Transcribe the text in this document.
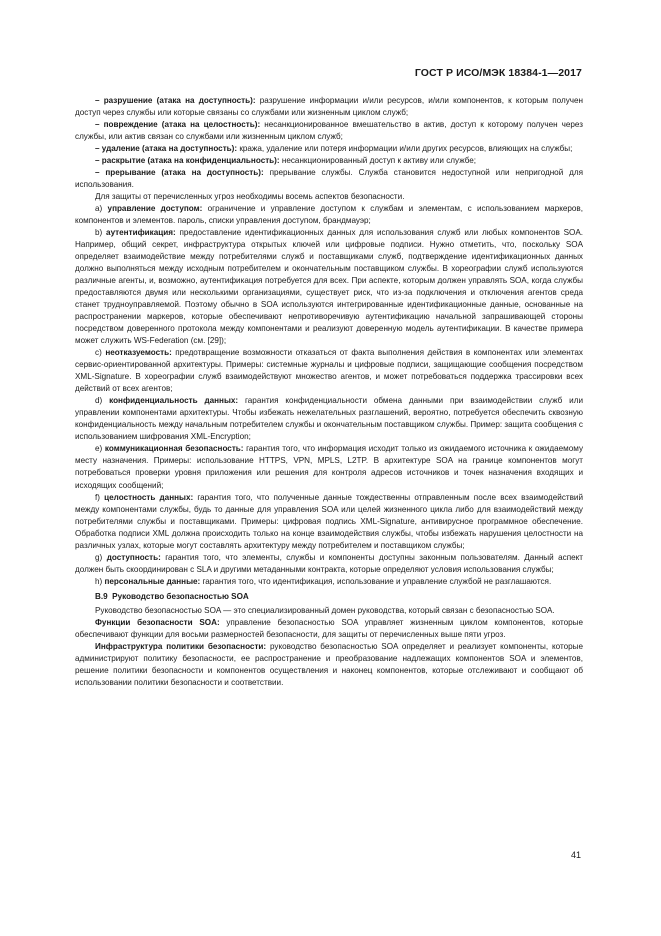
ГОСТ Р ИСО/МЭК 18384-1—2017

– разрушение (атака на доступность): разрушение информации и/или ресурсов, и/или компонентов, к которым получен доступ через службы или которые связаны со службами или жизненным циклом служб;

– повреждение (атака на целостность): несанкционированное вмешательство в актив, доступ к которому получен через службы, или актив связан со службами или жизненным циклом служб;

– удаление (атака на доступность): кража, удаление или потеря информации и/или других ресурсов, влияющих на службы;

– раскрытие (атака на конфиденциальность): несанкционированный доступ к активу или службе;

– прерывание (атака на доступность): прерывание службы. Служба становится недоступной или непригодной для использования.

Для защиты от перечисленных угроз необходимы восемь аспектов безопасности.

а) управление доступом: ограничение и управление доступом к службам и элементам, с использованием маркеров, компонентов и элементов. пароль, списки управления доступом, брандмауэр;

b) аутентификация: предоставление идентификационных данных для использования служб или любых компонентов SOA. Например, общий секрет, инфраструктура открытых ключей или цифровые подписи. Нужно отметить, что, поскольку SOA определяет взаимодействие между потребителями служб и поставщиками служб, подтверждение идентификационных данных должно выполняться между исходным потребителем и окончательным поставщиком службы. В хореографии служб используются различные агенты, и, возможно, аутентификация потребуется для всех. При аспекте, которым должен управлять SOA, когда службы предоставляются двумя или несколькими организациями, существует риск, что из-за подключения и отключения агентов среда станет трудноуправляемой. Поэтому обычно в SOA используются интегрированные идентификационные данные, основанные на распространении маркеров, которые обеспечивают непротиворечивую аутентификацию начальной запрашивающей стороны посредством доверенного протокола между компонентами и реализуют доверенную модель аутентификации. В качестве примера может служить WS-Federation (см. [29]);

c) неотказуемость: предотвращение возможности отказаться от факта выполнения действия в компонентах или элементах сервис-ориентированной архитектуры. Примеры: системные журналы и цифровые подписи, защищающие сообщения посредством XML-Signature. В хореографии служб взаимодействуют множество агентов, и может потребоваться поддержка трассировки всех действий от всех агентов;

d) конфиденциальность данных: гарантия конфиденциальности обмена данными при взаимодействии служб или управлении компонентами архитектуры. Чтобы избежать нежелательных разглашений, вероятно, потребуется обеспечить сквозную конфиденциальность между начальным потребителем службы и окончательным поставщиком службы. Пример: защита сообщения с использованием шифрования XML-Encryption;

e) коммуникационная безопасность: гарантия того, что информация исходит только из ожидаемого источника к ожидаемому месту назначения. Примеры: использование HTTPS, VPN, MPLS, L2TP. В архитектуре SOA на границе компонентов могут потребоваться проверки уровня приложения или решения для контроля адресов источников и точек назначения входящих и исходящих сообщений;

f) целостность данных: гарантия того, что полученные данные тождественны отправленным после всех взаимодействий между компонентами службы, будь то данные для управления SOA или целей жизненного цикла либо для взаимодействий между потребителями службы и поставщиками. Примеры: цифровая подпись XML-Signature, антивирусное программное обеспечение. Обработка подписи XML должна происходить только на конце взаимодействия службы, чтобы избежать нарушения целостности на различных узлах, которые могут составлять архитектуру между потребителем и поставщиком службы;

g) доступность: гарантия того, что элементы, службы и компоненты доступны законным пользователям. Данный аспект должен быть скоординирован с SLA и другими метаданными контракта, которые определяют условия использования службы;

h) персональные данные: гарантия того, что идентификация, использование и управление службой не разглашаются.

В.9 Руководство безопасностью SOA

Руководство безопасностью SOA — это специализированный домен руководства, который связан с безопасностью SOA.

Функции безопасности SOA: управление безопасностью SOA управляет жизненным циклом компонентов, которые обеспечивают функции для восьми размерностей безопасности, для защиты от перечисленных выше пяти угроз.

Инфраструктура политики безопасности: руководство безопасностью SOA определяет и реализует компоненты, которые администрируют политику безопасности, ее распространение и преобразование надлежащих компонентов SOA и элементов, решение политики безопасности и компонентов осуществления и наконец компонентов, которые отслеживают и сообщают об использовании политики безопасности и соответствии.

41
